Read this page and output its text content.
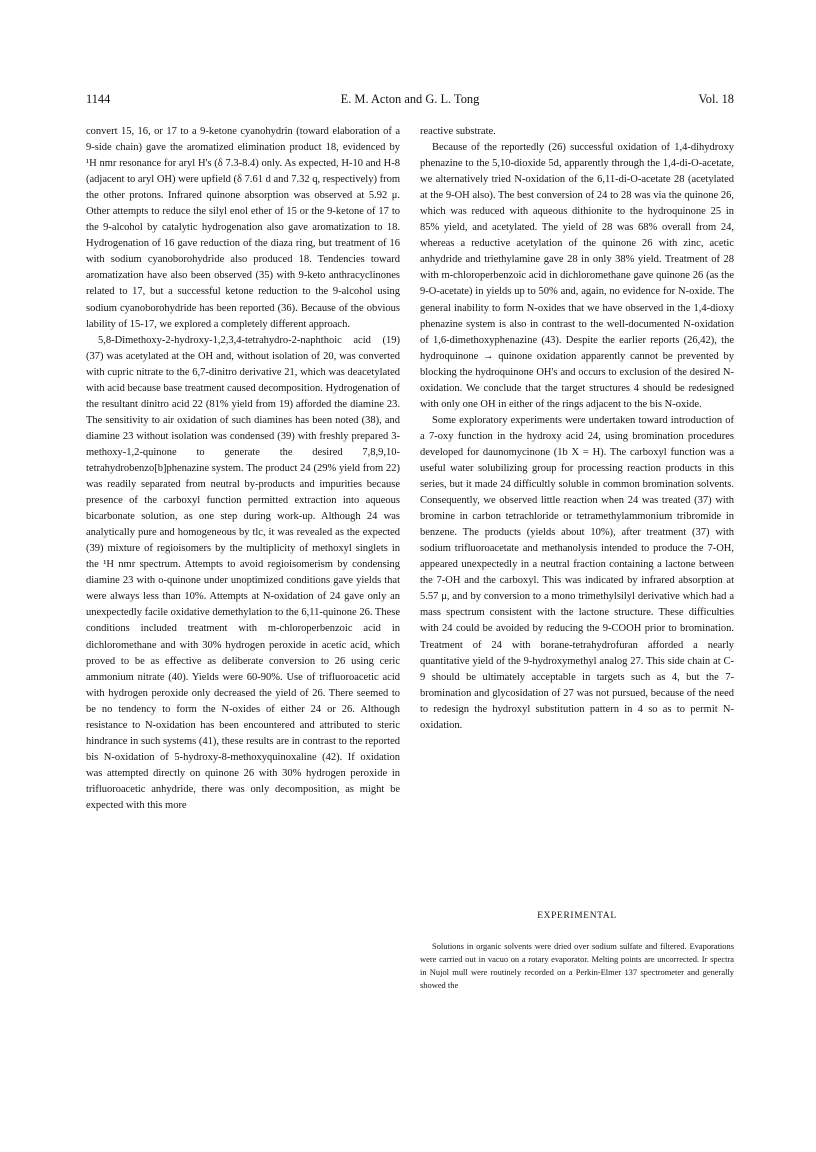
1144	E. M. Acton and G. L. Tong	Vol. 18

convert 15, 16, or 17 to a 9-ketone cyanohydrin (toward elaboration of a 9-side chain) gave the aromatized elimination product 18, evidenced by ¹H nmr resonance for aryl H's (δ 7.3-8.4) only. As expected, H-10 and H-8 (adjacent to aryl OH) were upfield (δ 7.61 d and 7.32 q, respectively) from the other protons. Infrared quinone absorption was observed at 5.92 μ. Other attempts to reduce the silyl enol ether of 15 or the 9-ketone of 17 to the 9-alcohol by catalytic hydrogenation also gave aromatization to 18. Hydrogenation of 16 gave reduction of the diaza ring, but treatment of 16 with sodium cyanoborohydride also produced 18. Tendencies toward aromatization have also been observed (35) with 9-keto anthracyclinones related to 17, but a successful ketone reduction to the 9-alcohol using sodium cyanoborohydride has been reported (36). Because of the obvious lability of 15-17, we explored a completely different approach.

5,8-Dimethoxy-2-hydroxy-1,2,3,4-tetrahydro-2-naphthoic acid (19) (37) was acetylated at the OH and, without isolation of 20, was converted with cupric nitrate to the 6,7-dinitro derivative 21, which was deacetylated with acid because base treatment caused decomposition. Hydrogenation of the resultant dinitro acid 22 (81% yield from 19) afforded the diamine 23. The sensitivity to air oxidation of such diamines has been noted (38), and diamine 23 without isolation was condensed (39) with freshly prepared 3-methoxy-1,2-quinone to generate the desired 7,8,9,10-tetrahydrobenzo[b]phenazine system. The product 24 (29% yield from 22) was readily separated from neutral by-products and impurities because presence of the carboxyl function permitted extraction into aqueous bicarbonate solution, as one step during work-up. Although 24 was analytically pure and homogeneous by tlc, it was revealed as the expected (39) mixture of regioisomers by the multiplicity of methoxyl singlets in the ¹H nmr spectrum. Attempts to avoid regioisomerism by condensing diamine 23 with o-quinone under unoptimized conditions gave yields that were always less than 10%. Attempts at N-oxidation of 24 gave only an unexpectedly facile oxidative demethylation to the 6,11-quinone 26. These conditions included treatment with m-chloroperbenzoic acid in dichloromethane and with 30% hydrogen peroxide in acetic acid, which proved to be as effective as deliberate conversion to 26 using ceric ammonium nitrate (40). Yields were 60-90%. Use of trifluoroacetic acid with hydrogen peroxide only decreased the yield of 26. There seemed to be no tendency to form the N-oxides of either 24 or 26. Although resistance to N-oxidation has been encountered and attributed to steric hindrance in such systems (41), these results are in contrast to the reported bis N-oxidation of 5-hydroxy-8-methoxyquinoxaline (42). If oxidation was attempted directly on quinone 26 with 30% hydrogen peroxide in trifluoroacetic anhydride, there was only decomposition, as might be expected with this more

reactive substrate.

Because of the reportedly (26) successful oxidation of 1,4-dihydroxy phenazine to the 5,10-dioxide 5d, apparently through the 1,4-di-O-acetate, we alternatively tried N-oxidation of the 6,11-di-O-acetate 28 (acetylated at the 9-OH also). The best conversion of 24 to 28 was via the quinone 26, which was reduced with aqueous dithionite to the hydroquinone 25 in 85% yield, and acetylated. The yield of 28 was 68% overall from 24, whereas a reductive acetylation of the quinone 26 with zinc, acetic anhydride and triethylamine gave 28 in only 38% yield. Treatment of 28 with m-chloroperbenzoic acid in dichloromethane gave quinone 26 (as the 9-O-acetate) in yields up to 50% and, again, no evidence for N-oxide. The general inability to form N-oxides that we have observed in the 1,4-dioxy phenazine system is also in contrast to the well-documented N-oxidation of 1,6-dimethoxyphenazine (43). Despite the earlier reports (26,42), the hydroquinone → quinone oxidation apparently cannot be prevented by blocking the hydroquinone OH's and occurs to exclusion of the desired N-oxidation. We conclude that the target structures 4 should be redesigned with only one OH in either of the rings adjacent to the bis N-oxide.

Some exploratory experiments were undertaken toward introduction of a 7-oxy function in the hydroxy acid 24, using bromination procedures developed for daunomycinone (1b X = H). The carboxyl function was a useful water solubilizing group for processing reaction products in this series, but it made 24 difficultly soluble in common bromination solvents. Consequently, we observed little reaction when 24 was treated (37) with bromine in carbon tetrachloride or tetramethylammonium tribromide in benzene. The products (yields about 10%), after treatment (37) with sodium trifluoroacetate and methanolysis intended to produce the 7-OH, appeared unexpectedly in a neutral fraction containing a lactone between the 7-OH and the carboxyl. This was indicated by infrared absorption at 5.57 μ, and by conversion to a mono trimethylsilyl derivative which had a mass spectrum consistent with the lactone structure. These difficulties with 24 could be avoided by reducing the 9-COOH prior to bromination. Treatment of 24 with borane-tetrahydrofuran afforded a nearly quantitative yield of the 9-hydroxymethyl analog 27. This side chain at C-9 should be ultimately acceptable in targets such as 4, but the 7-bromination and glycosidation of 27 was not pursued, because of the need to redesign the hydroxyl substitution pattern in 4 so as to permit N-oxidation.

EXPERIMENTAL

Solutions in organic solvents were dried over sodium sulfate and filtered. Evaporations were carried out in vacuo on a rotary evaporator. Melting points are uncorrected. Ir spectra in Nujol mull were routinely recorded on a Perkin-Elmer 137 spectrometer and generally showed the
